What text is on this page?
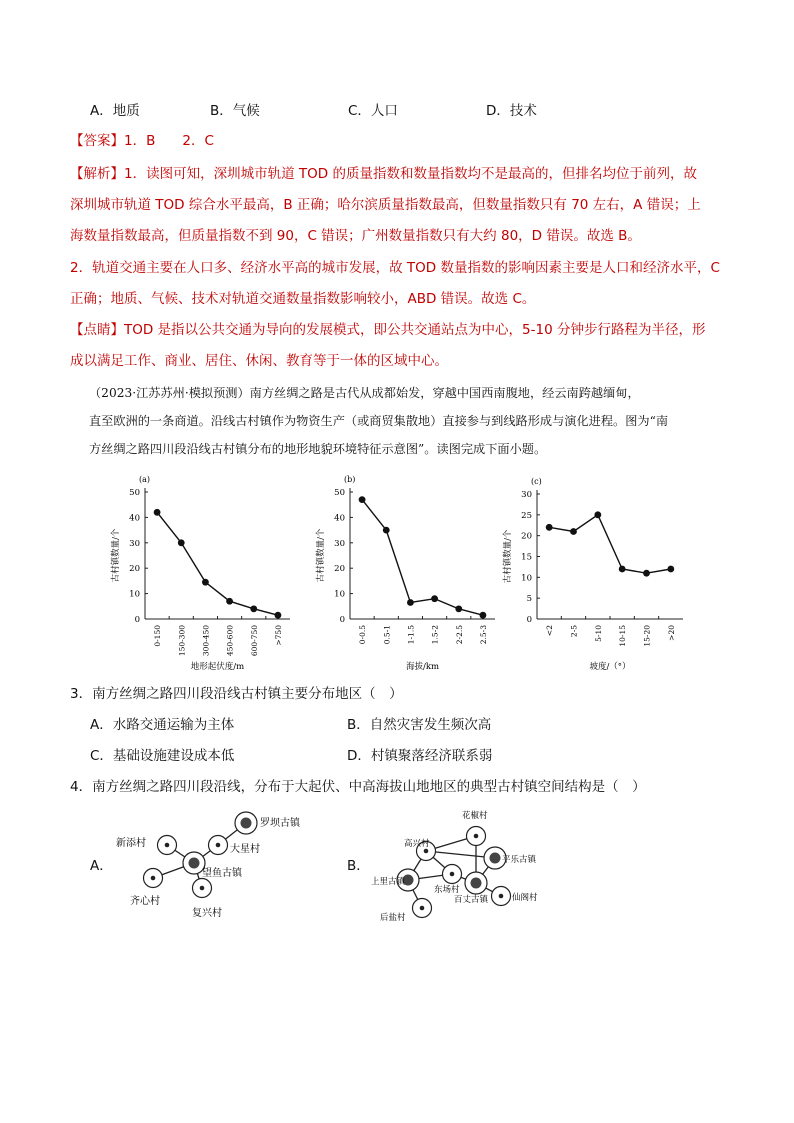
A．地质	B．气候	C．人口	D．技术
【答案】1．B　　2．C
【解析】1．读图可知，深圳城市轨道 TOD 的质量指数和数量指数均不是最高的，但排名均位于前列，故
深圳城市轨道 TOD 综合水平最高，B 正确；哈尔滨质量指数最高，但数量指数只有 70 左右，A 错误；上
海数量指数最高，但质量指数不到 90，C 错误；广州数量指数只有大约 80，D 错误。故选 B。
2．轨道交通主要在人口多、经济水平高的城市发展，故 TOD 数量指数的影响因素主要是人口和经济水平，C
正确；地质、气候、技术对轨道交通数量指数影响较小，ABD 错误。故选 C。
【点睛】TOD 是指以公共交通为导向的发展模式，即公共交通站点为中心，5-10 分钟步行路程为半径，形
成以满足工作、商业、居住、休闲、教育等于一体的区域中心。
（2023·江苏苏州·模拟预测）南方丝绸之路是古代从成都始发，穿越中国西南腹地，经云南跨越缅甸，
直至欧洲的一条商道。沿线古村镇作为物资生产（或商贸集散地）直接参与到线路形成与演化进程。图为“南
方丝绸之路四川段沿线古村镇分布的地形地貌环境特征示意图”。读图完成下面小题。
(a)
0
10
20
30
40
50
0-150 150-300 300-450 450-600 600-750 >750
地形起伏度/m
古村镇数量/个
(b)
0
10
20
30
40
50
0-0.5 0.5-1 1-1.5 1.5-2 2-2.5 2.5-3
海拔/km
古村镇数量/个
(c)
0
5
10
15
20
25
30
<2 2-5 5-10 10-15 15-20 >20
坡度/（°）
古村镇数量/个
3．南方丝绸之路四川段沿线古村镇主要分布地区（　）
A．水路交通运输为主体	B．自然灾害发生频次高
C．基础设施建设成本低	D．村镇聚落经济联系弱
4．南方丝绸之路四川段沿线，分布于大起伏、中高海拔山地地区的典型古村镇空间结构是（　）
A．	B．
罗坝古镇
大星村
新添村
望鱼古镇
齐心村
复兴村
花椒村
高兴村
平乐古镇
上里古镇
东场村
百丈古镇	仙阁村
后盐村
